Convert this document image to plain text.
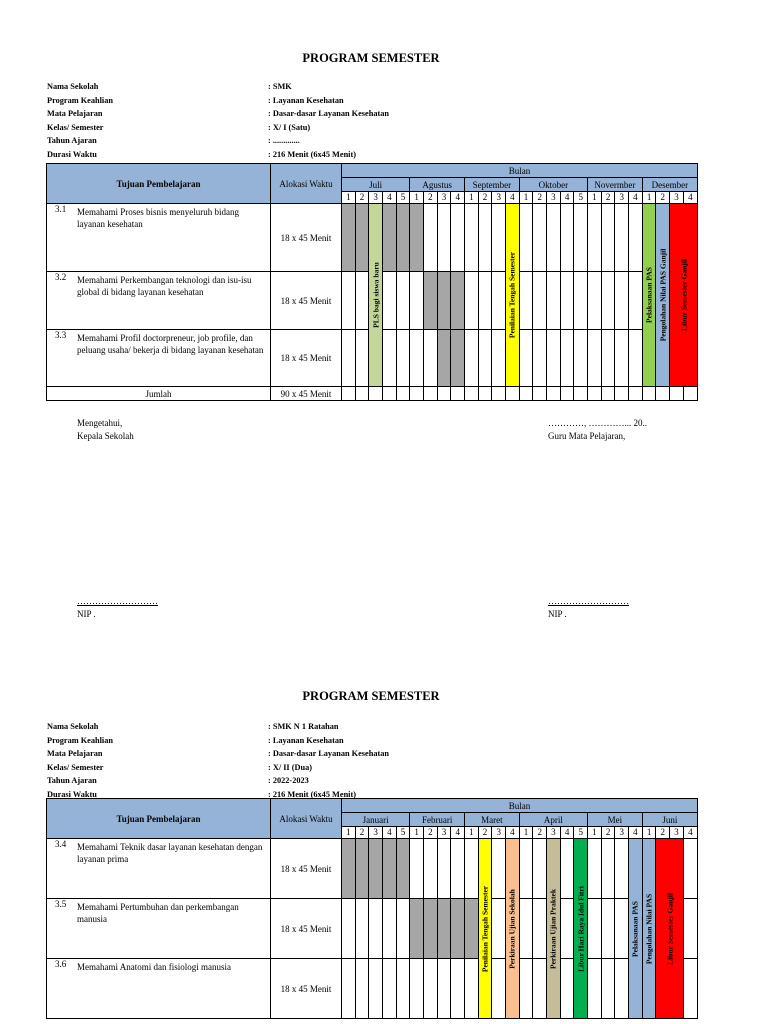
PROGRAM SEMESTER
Nama Sekolah	: SMK
Program Keahlian	: Layanan Kesehatan
Mata Pelajaran	: Dasar-dasar Layanan Kesehatan
Kelas/ Semester	: X/ I (Satu)
Tahun Ajaran	: .............
Durasi Waktu	: 216 Menit (6x45 Menit)
Tujuan Pembelajaran	Alokasi Waktu	Bulan																									
		Juli					Agustus				September				Oktober					Novermber				Desember			
		1	2	3	4	5	1	2	3	4	1	2	3	4	1	2	3	4	5	1	2	3	4	1	2	3	4

3.1 Memahami Proses bisnis menyeluruh bidang layanan kesehatan	18 x 45 Menit			PLS bagi siswa baru										Penilaian Tengah Semester										Pelaksanaan PAS	Pengolahan Nilai PAS Ganjil	Libur Semester Ganjil	

3.2 Memahami Perkembangan teknologi dan isu-isu global di bidang layanan kesehatan	18 x 45 Menit																										

3.3 Memahami Profil doctorpreneur, job profile, dan peluang usaha/ bekerja di bidang layanan kesehatan	18 x 45 Menit																										
Jumlah	90 x 45 Menit																										
Mengetahui,
Kepala Sekolah
…………, …………... 20..
Guru Mata Pelajaran,
………………………
NIP .
………………………
NIP .
PROGRAM SEMESTER
Nama Sekolah	: SMK N 1 Ratahan
Program Keahlian	: Layanan Kesehatan
Mata Pelajaran	: Dasar-dasar Layanan Kesehatan
Kelas/ Semester	: X/ II (Dua)
Tahun Ajaran	: 2022-2023
Durasi Waktu	: 216 Menit (6x45 Menit)
Tujuan Pembelajaran	Alokasi Waktu	Bulan																									
		Januari					Februari				Maret				April					Mei				Juni			
		1	2	3	4	5	1	2	3	4	1	2	3	4	1	2	3	4	5	1	2	3	4	1	2	3	4

3.4 Memahami Teknik dasar layanan kesehatan dengan layanan prima	18 x 45 Menit											Penilaian Tengah Semester		Perkiraan Ujian Sekolah			Perkiraan Ujian Praktek		Libur Hari Raya Idul Fitri				Pelaksanaan PAS	Pengolahan Nilai PAS	Libur Semester Ganjil		

3.5 Memahami Pertumbuhan dan perkembangan manusia	18 x 45 Menit																										

3.6 Memahami Anatomi dan fisiologi manusia	18 x 45 Menit																										
